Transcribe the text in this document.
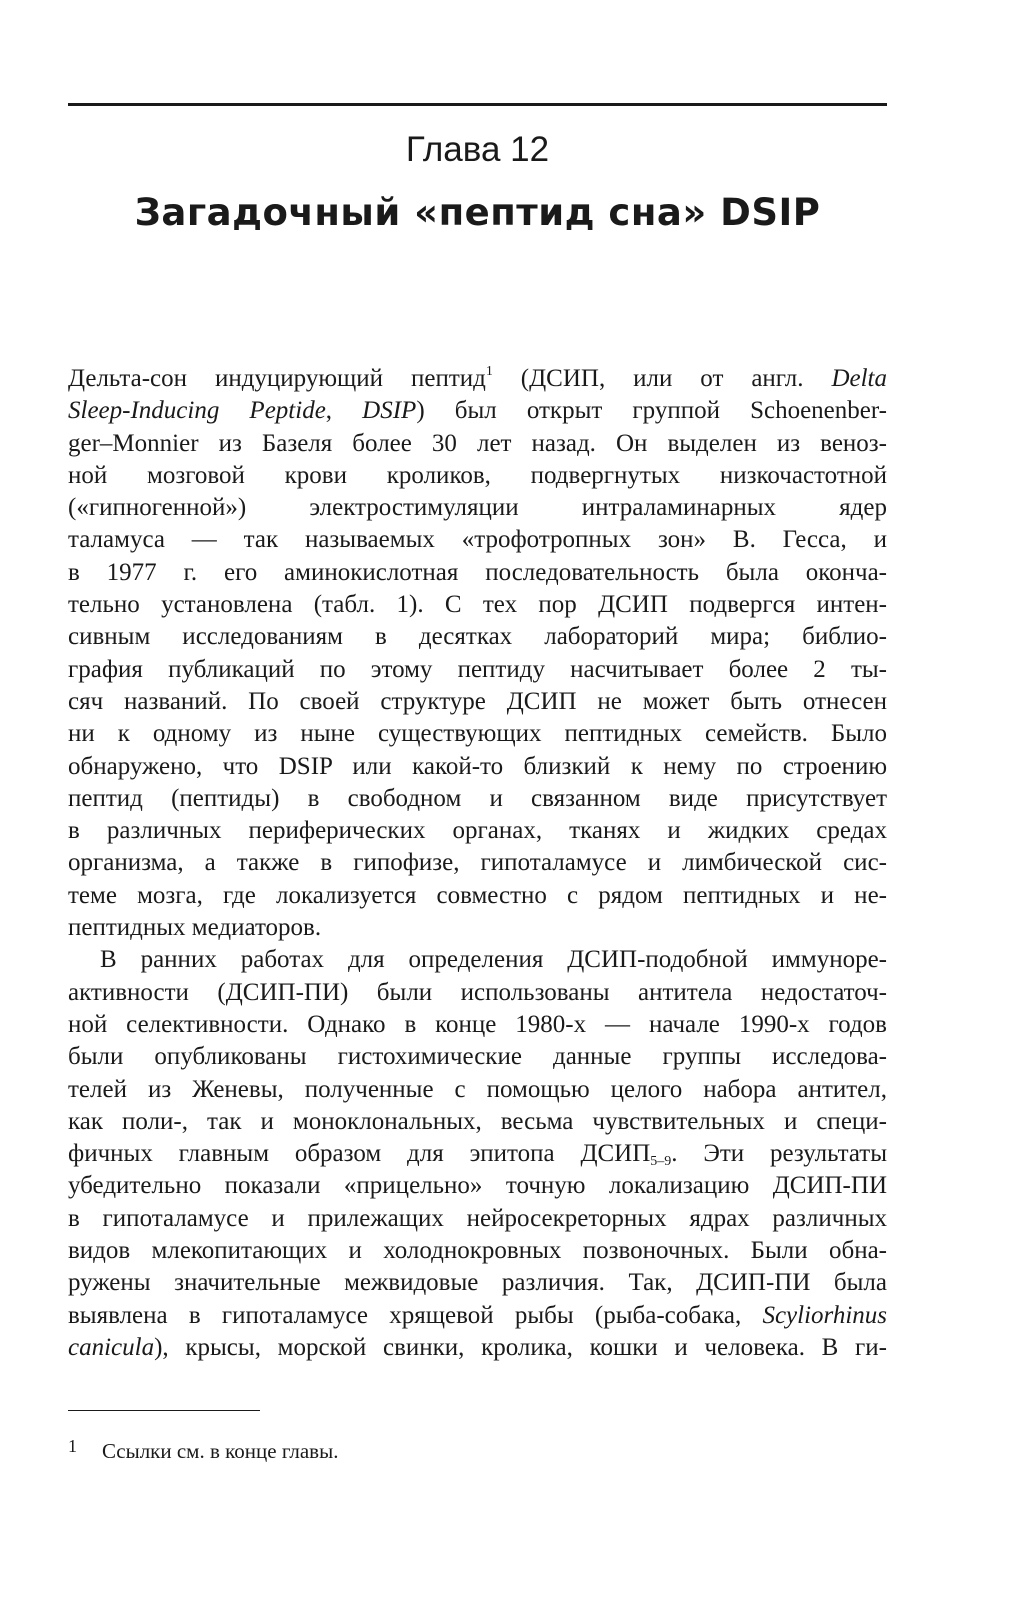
Глава 12
Загадочный «пептид сна» DSIP
Дельта-сон индуцирующий пептид$^1$ (ДСИП, или от англ. Delta
Sleep-Inducing Peptide, DSIP) был открыт группой Schoenenber-
ger–Monnier из Базеля более 30 лет назад. Он выделен из веноз-
ной мозговой крови кроликов, подвергнутых низкочастотной
(«гипногенной») электростимуляции интраламинарных ядер
таламуса — так называемых «трофотропных зон» В. Гесса, и
в 1977 г. его аминокислотная последовательность была оконча-
тельно установлена (табл. 1). С тех пор ДСИП подвергся интен-
сивным исследованиям в десятках лабораторий мира; библио-
графия публикаций по этому пептиду насчитывает более 2 ты-
сяч названий. По своей структуре ДСИП не может быть отнесен
ни к одному из ныне существующих пептидных семейств. Было
обнаружено, что DSIP или какой-то близкий к нему по строению
пептид (пептиды) в свободном и связанном виде присутствует
в различных периферических органах, тканях и жидких средах
организма, а также в гипофизе, гипоталамусе и лимбической сис-
теме мозга, где локализуется совместно с рядом пептидных и не-
пептидных медиаторов.
В ранних работах для определения ДСИП-подобной иммуноре-
активности (ДСИП-ПИ) были использованы антитела недостаточ-
ной селективности. Однако в конце 1980-х — начале 1990-х годов
были опубликованы гистохимические данные группы исследова-
телей из Женевы, полученные с помощью целого набора антител,
как поли-, так и моноклональных, весьма чувствительных и специ-
фичных главным образом для эпитопа $ДСИП_{5-9}$. Эти результаты
убедительно показали «прицельно» точную локализацию ДСИП-ПИ
в гипоталамусе и прилежащих нейросекреторных ядрах различных
видов млекопитающих и холоднокровных позвоночных. Были обна-
ружены значительные межвидовые различия. Так, ДСИП-ПИ была
выявлена в гипоталамусе хрящевой рыбы (рыба-собака, Scyliorhinus
canicula), крысы, морской свинки, кролика, кошки и человека. В ги-
1 Ссылки см. в конце главы.
